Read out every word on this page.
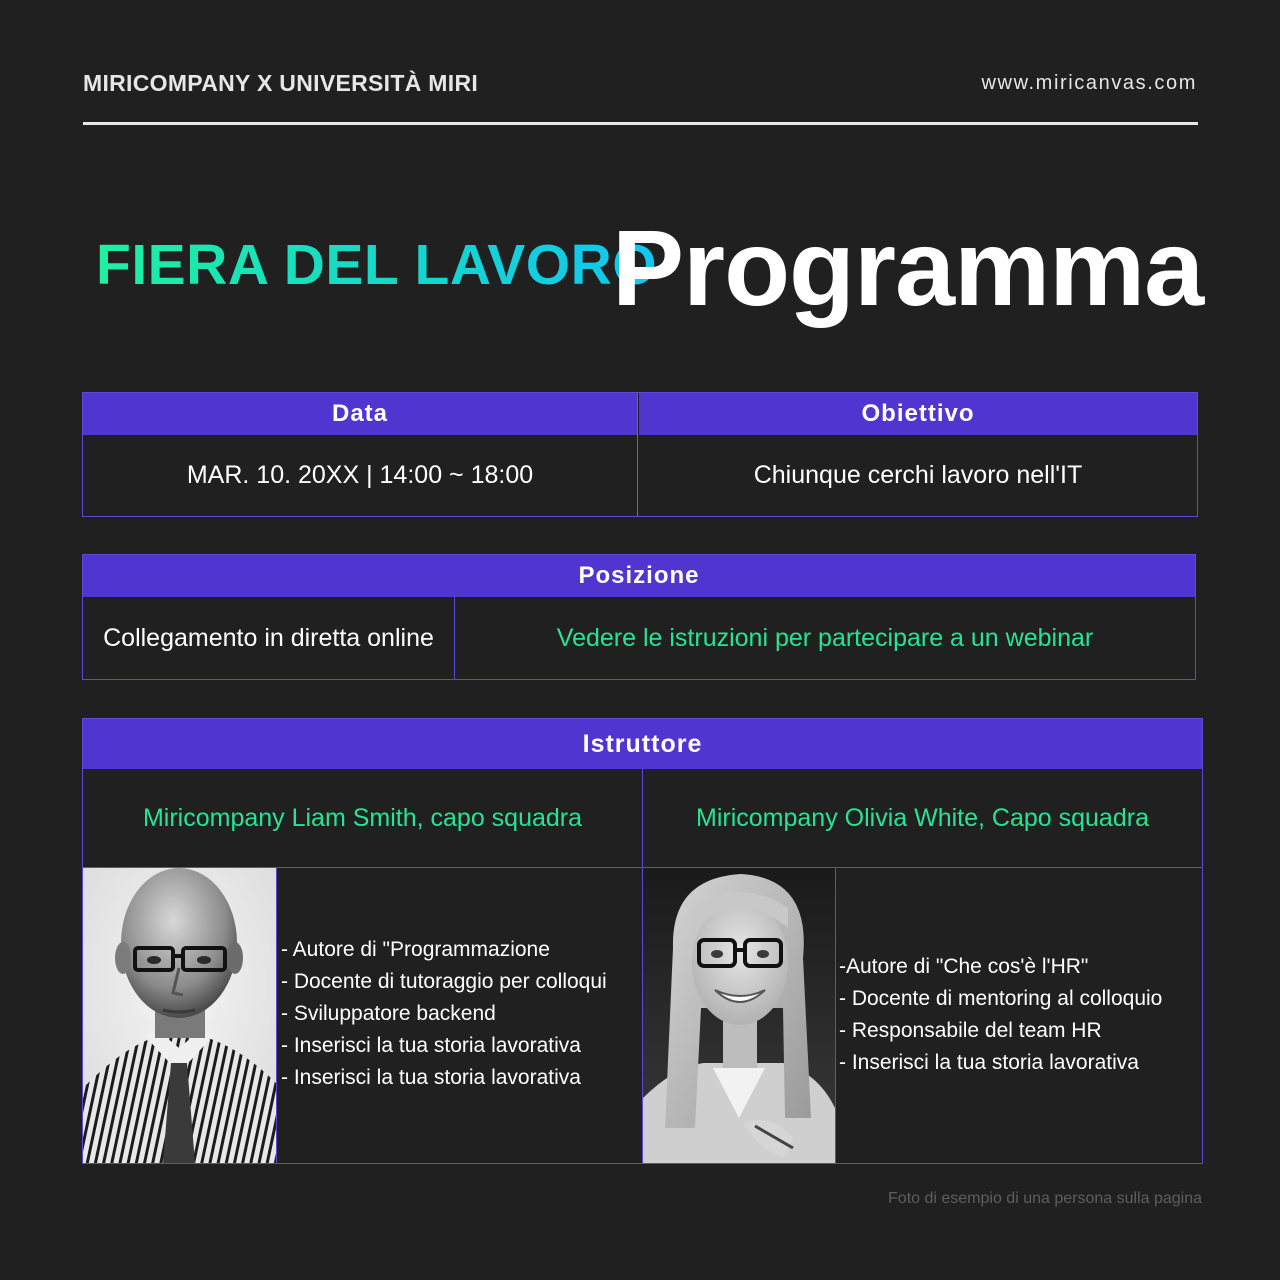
MIRICOMPANY X UNIVERSITÀ MIRI	www.miricanvas.com
FIERA DEL LAVORO
Programma
Data	Obiettivo
MAR. 10. 20XX | 14:00 ~ 18:00	Chiunque cerchi lavoro nell'IT
Posizione
Collegamento in diretta online	Vedere le istruzioni per partecipare a un webinar
Istruttore
Miricompany Liam Smith, capo squadra	Miricompany Olivia White, Capo squadra
- Autore di "Programmazione
- Docente di tutoraggio per colloqui
- Sviluppatore backend
- Inserisci la tua storia lavorativa
- Inserisci la tua storia lavorativa
-Autore di "Che cos'è l'HR"
- Docente di mentoring al colloquio
- Responsabile del team HR
- Inserisci la tua storia lavorativa
Foto di esempio di una persona sulla pagina
